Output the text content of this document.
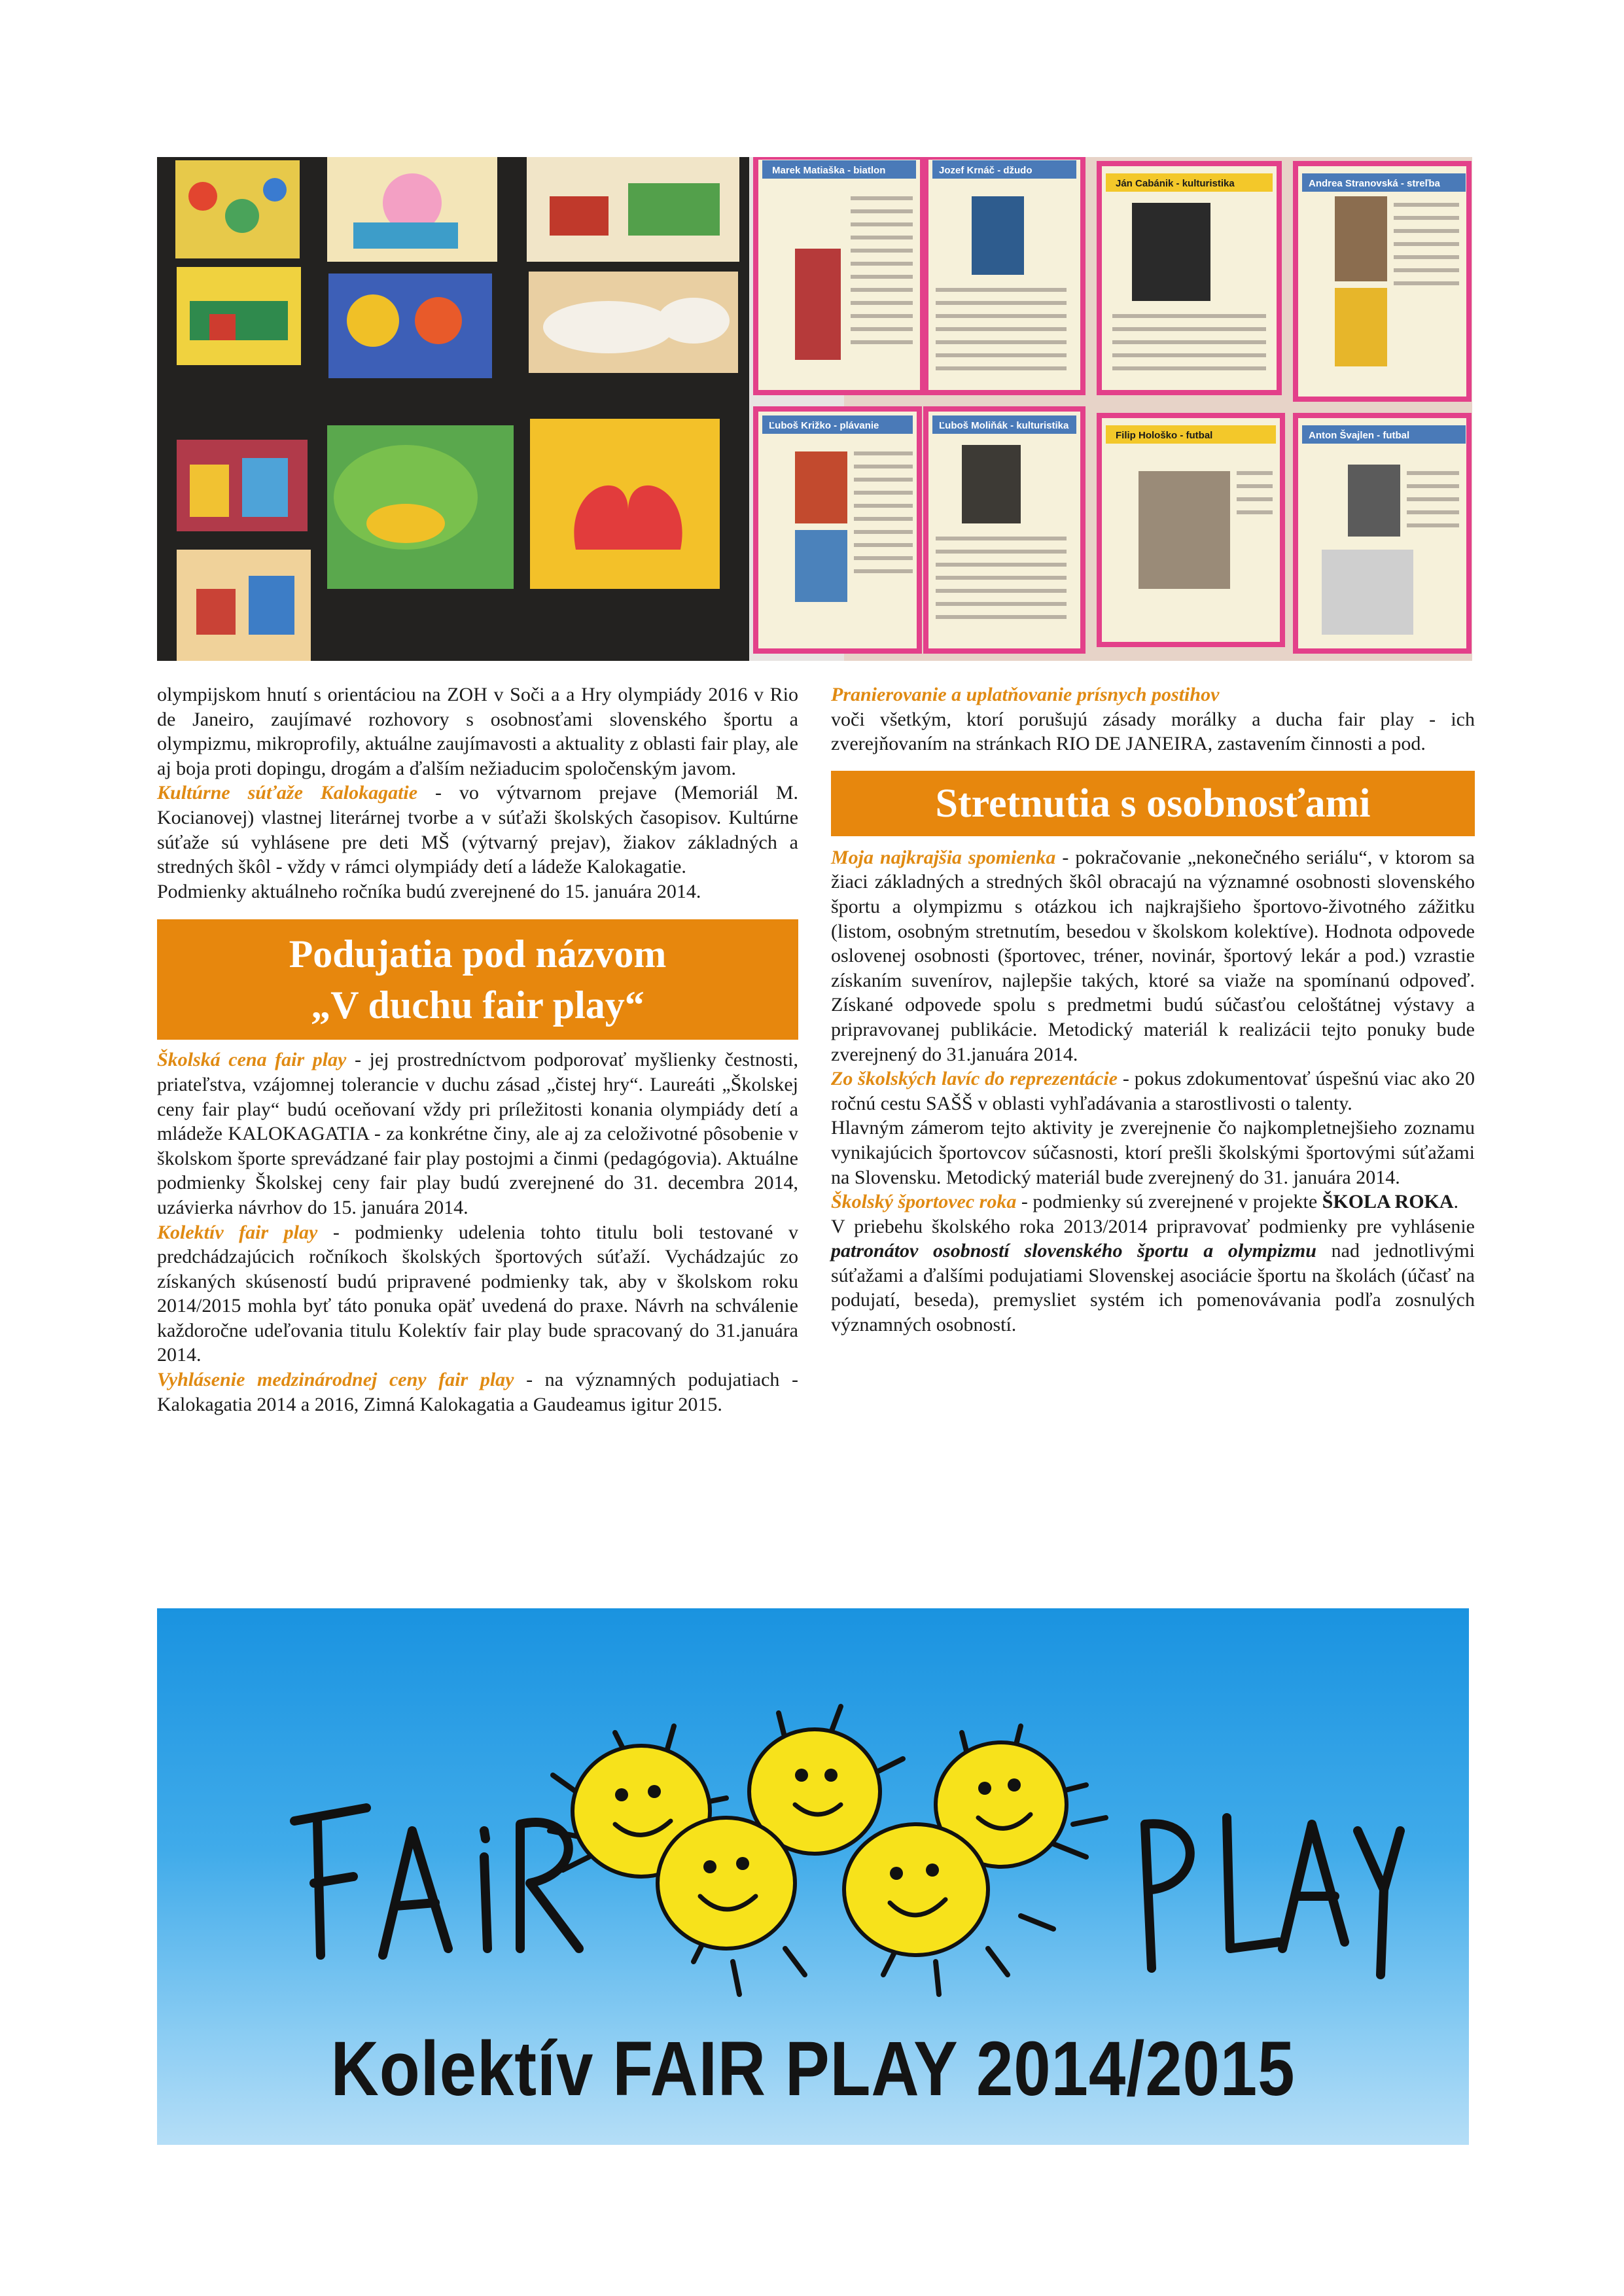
Marek Matiaška - biatlon	Jozef Krnáč - džudo
Ján Cabánik - kulturistika	Andrea Stranovská - streľba
Ľuboš Križko - plávanie	Ľuboš Moliňák - kulturistika
Filip Hološko - futbal	Anton Švajlen - futbal

olympijskom hnutí s orientáciou na ZOH v Soči a a Hry olympiády 2016 v Rio de Janeiro, zaujímavé rozhovory s osobnosťami slovenského športu a olympizmu, mikroprofily, aktuálne zaujímavosti a aktuality z oblasti fair play, ale aj boja proti dopingu, drogám a ďalším nežiaducim spoločenským javom.

Kultúrne súťaže Kalokagatie - vo výtvarnom prejave (Memoriál M. Kocianovej) vlastnej literárnej tvorbe a v súťaži školských časopisov. Kultúrne súťaže sú vyhlásene pre deti MŠ (výtvarný prejav), žiakov základných a stredných škôl - vždy v rámci olympiády detí a ládeže Kalokagatie.

Podmienky aktuálneho ročníka budú zverejnené do 15. januára 2014.

Podujatia pod názvom
„V duchu fair play“

Školská cena fair play - jej prostredníctvom podporovať myšlienky čestnosti, priateľstva, vzájomnej tolerancie v duchu zásad „čistej hry“. Laureáti „Školskej ceny fair play“ budú oceňovaní vždy pri príležitosti konania olympiády detí a mládeže KALOKAGATIA - za konkrétne činy, ale aj za celoživotné pôsobenie v školskom športe sprevádzané fair play postojmi a činmi (pedagógovia). Aktuálne podmienky Školskej ceny fair play budú zverejnené do 31. decembra 2014, uzávierka návrhov do 15. januára 2014.

Kolektív fair play - podmienky udelenia tohto titulu boli testované v predchádzajúcich ročníkoch školských športových súťaží. Vychádzajúc zo získaných skúseností budú pripravené podmienky tak, aby v školskom roku 2014/2015 mohla byť táto ponuka opäť uvedená do praxe. Návrh na schválenie každoročne udeľovania titulu Kolektív fair play bude spracovaný do 31.januára 2014.

Vyhlásenie medzinárodnej ceny fair play - na významných podujatiach - Kalokagatia 2014 a 2016, Zimná Kalokagatia a Gaudeamus igitur 2015.

Pranierovanie a uplatňovanie prísnych postihov
voči všetkým, ktorí porušujú zásady morálky a ducha fair play - ich zverejňovaním na stránkach RIO DE JANEIRA, zastavením činnosti a pod.

Stretnutia s osobnosťami

Moja najkrajšia spomienka - pokračovanie „nekonečného seriálu“, v ktorom sa žiaci základných a stredných škôl obracajú na významné osobnosti slovenského športu a olympizmu s otázkou ich najkrajšieho športovo-životného zážitku (listom, osobným stretnutím, besedou v školskom kolektíve). Hodnota odpovede oslovenej osobnosti (športovec, tréner, novinár, športový lekár a pod.) vzrastie získaním suvenírov, najlepšie takých, ktoré sa viaže na spomínanú odpoveď. Získané odpovede spolu s predmetmi budú súčasťou celoštátnej výstavy a pripravovanej publikácie. Metodický materiál k realizácii tejto ponuky bude zverejnený do 31.januára 2014.

Zo školských lavíc do reprezentácie - pokus zdokumentovať úspešnú viac ako 20 ročnú cestu SAŠŠ v oblasti vyhľadávania a starostlivosti o talenty.

Hlavným zámerom tejto aktivity je zverejnenie čo najkompletnejšieho zoznamu vynikajúcich športovcov súčasnosti, ktorí prešli školskými športovými súťažami na Slovensku. Metodický materiál bude zverejnený do 31. januára 2014.

Školský športovec roka - podmienky sú zverejnené v projekte ŠKOLA ROKA.

V priebehu školského roka 2013/2014 pripravovať podmienky pre vyhlásenie patronátov osobností slovenského športu a olympizmu nad jednotlivými súťažami a ďalšími podujatiami Slovenskej asociácie športu na školách (účasť na podujatí, beseda), premysliet systém ich pomenovávania podľa zosnulých významných osobností.

Kolektív FAIR PLAY 2014/2015
